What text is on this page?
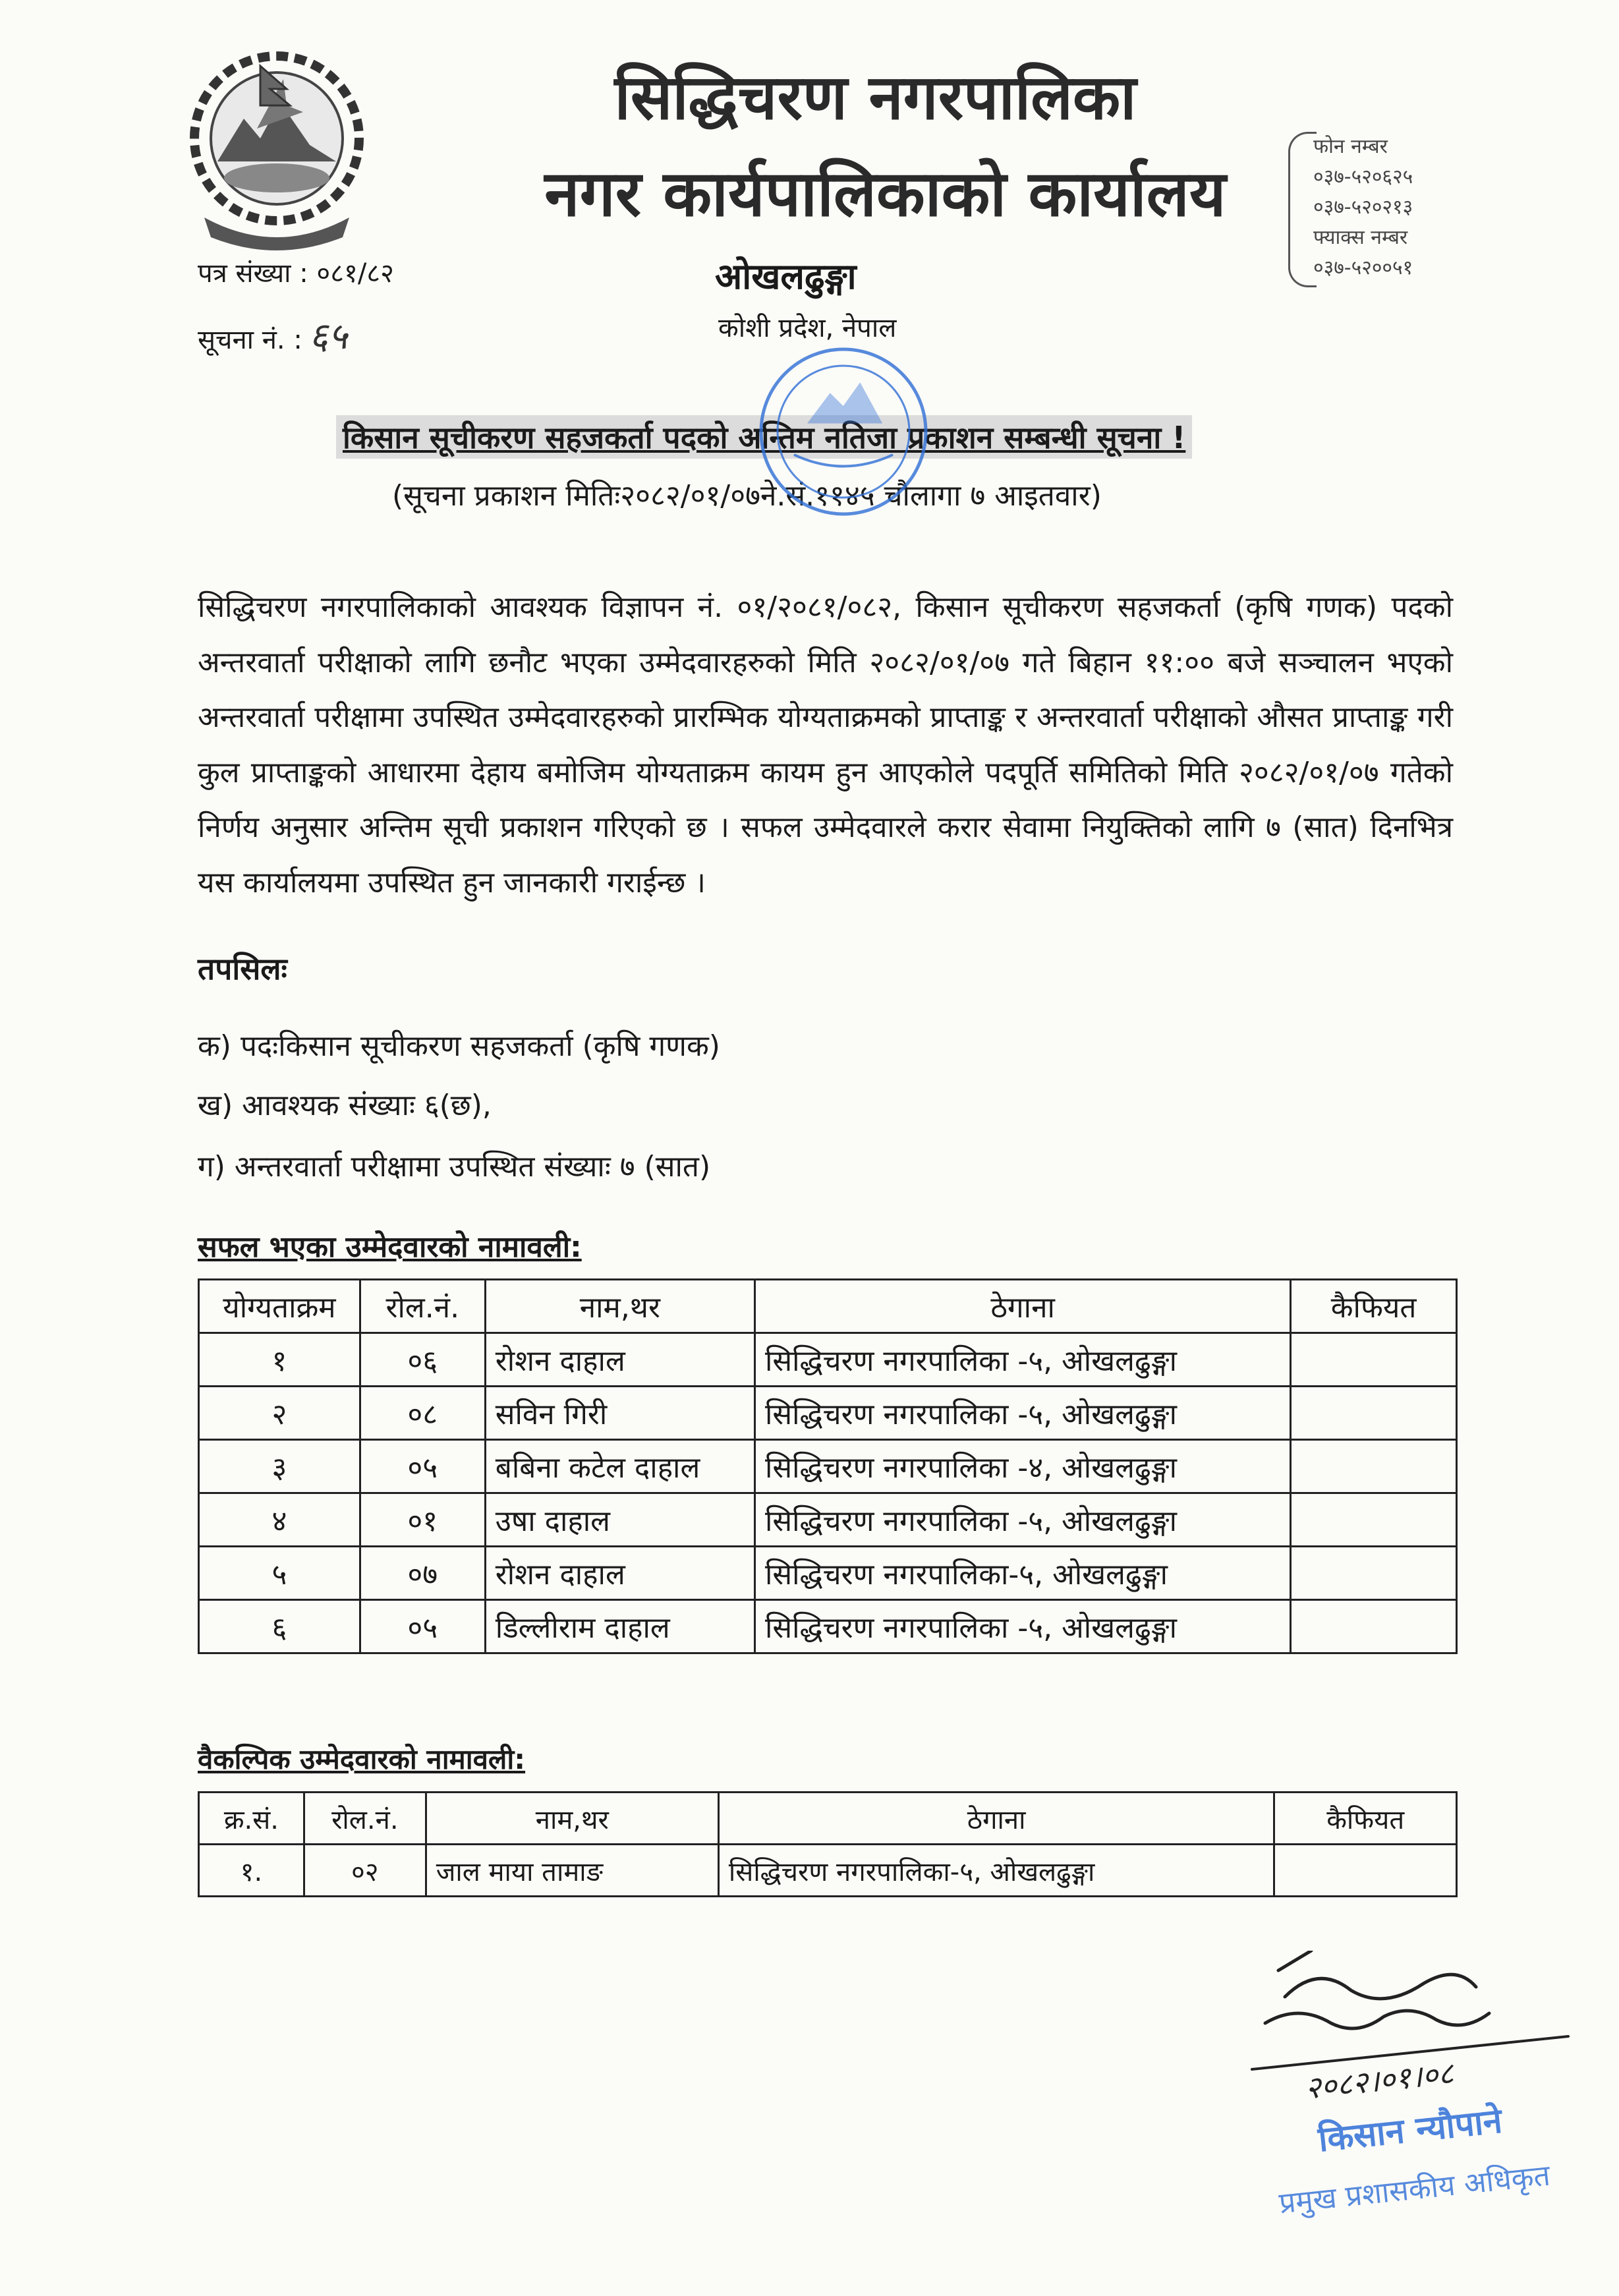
सिद्धिचरण नगरपालिका
नगर कार्यपालिकाको कार्यालय
फोन नम्बर
०३७-५२०६२५
०३७-५२०२१३
फ्याक्स नम्बर
०३७-५२००५१
पत्र संख्या : ०८१/८२
सूचना नं. : ६५
ओखलढुङ्गा
कोशी प्रदेश, नेपाल
किसान सूचीकरण सहजकर्ता पदको अन्तिम नतिजा प्रकाशन सम्बन्धी सूचना !
(सूचना प्रकाशन मितिः२०८२/०१/०७ने.सं.११४५ चौलागा ७ आइतवार)
सिद्धिचरण नगरपालिकाको आवश्यक विज्ञापन नं. ०१/२०८१/०८२, किसान सूचीकरण सहजकर्ता (कृषि गणक) पदको अन्तरवार्ता परीक्षाको लागि छनौट भएका उम्मेदवारहरुको मिति २०८२/०१/०७ गते बिहान ११:०० बजे सञ्चालन भएको अन्तरवार्ता परीक्षामा उपस्थित उम्मेदवारहरुको प्रारम्भिक योग्यताक्रमको प्राप्ताङ्क र अन्तरवार्ता परीक्षाको औसत प्राप्ताङ्क गरी कुल प्राप्ताङ्कको आधारमा देहाय बमोजिम योग्यताक्रम कायम हुन आएकोले पदपूर्ति समितिको मिति २०८२/०१/०७ गतेको निर्णय अनुसार अन्तिम सूची प्रकाशन गरिएको छ । सफल उम्मेदवारले करार सेवामा नियुक्तिको लागि ७ (सात) दिनभित्र यस कार्यालयमा उपस्थित हुन जानकारी गराईन्छ ।
तपसिलः
क) पदःकिसान सूचीकरण सहजकर्ता (कृषि गणक)
ख) आवश्यक संख्याः ६(छ),
ग) अन्तरवार्ता परीक्षामा उपस्थित संख्याः ७ (सात)
सफल भएका उम्मेदवारको नामावली:
योग्यताक्रम	रोल.नं.	नाम,थर	ठेगाना	कैफियत
१	०६	रोशन दाहाल	सिद्धिचरण नगरपालिका -५, ओखलढुङ्गा	
२	०८	सविन गिरी	सिद्धिचरण नगरपालिका -५, ओखलढुङ्गा	
३	०५	बबिना कटेल दाहाल	सिद्धिचरण नगरपालिका -४, ओखलढुङ्गा	
४	०१	उषा दाहाल	सिद्धिचरण नगरपालिका -५, ओखलढुङ्गा	
५	०७	रोशन दाहाल	सिद्धिचरण नगरपालिका-५, ओखलढुङ्गा	
६	०५	डिल्लीराम दाहाल	सिद्धिचरण नगरपालिका -५, ओखलढुङ्गा	
वैकल्पिक उम्मेदवारको नामावली:
क्र.सं.	रोल.नं.	नाम,थर	ठेगाना	कैफियत
१.	०२	जाल माया तामाङ	सिद्धिचरण नगरपालिका-५, ओखलढुङ्गा	
२०८२।०१।०८
किसान न्यौपाने
प्रमुख प्रशासकीय अधिकृत
